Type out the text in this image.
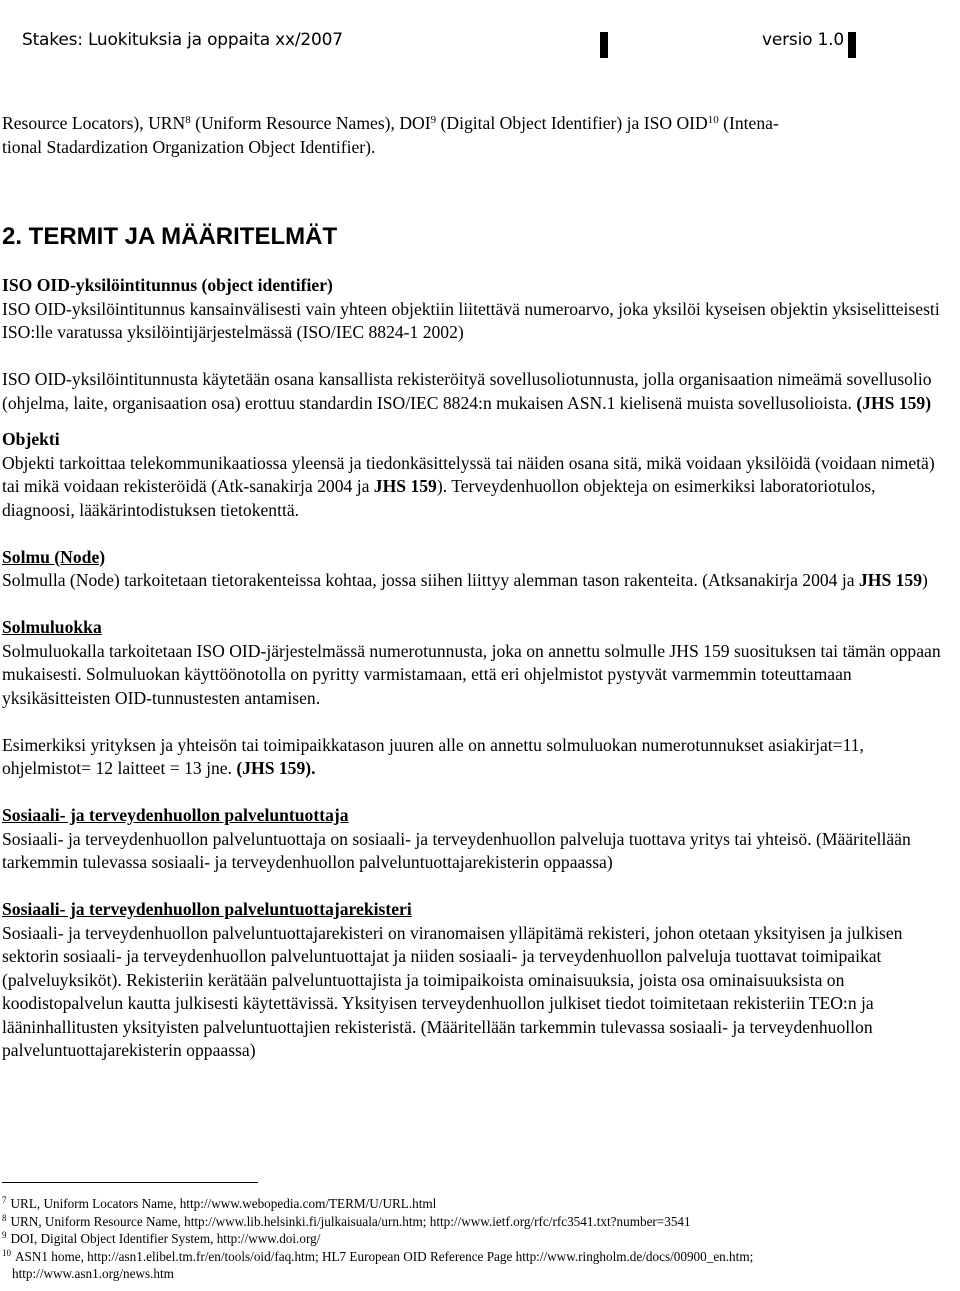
Stakes: Luokituksia ja oppaita xx/2007	versio 1.0

Resource Locators), URN$^8$ (Uniform Resource Names), DOI$^9$ (Digital Object Identifier) ja ISO OID$^{10}$ (Intena-
tional Stadardization Organization Object Identifier).

2. TERMIT JA MÄÄRITELMÄT

ISO OID-yksilöintitunnus (object identifier)

ISO OID-yksilöintitunnus kansainvälisesti vain yhteen objektiin liitettävä numeroarvo, joka yksilöi kyseisen objektin yksiselitteisesti ISO:lle varatussa yksilöintijärjestelmässä (ISO/IEC 8824-1 2002)

ISO OID-yksilöintitunnusta käytetään osana kansallista rekisteröityä sovellusoliotunnusta, jolla organisaation nimeämä sovellusolio (ohjelma, laite, organisaation osa) erottuu standardin ISO/IEC 8824:n mukaisen ASN.1 kielisenä muista sovellusolioista. (JHS 159)

Objekti

Objekti tarkoittaa telekommunikaatiossa yleensä ja tiedonkäsittelyssä tai näiden osana sitä, mikä voidaan yksilöidä (voidaan nimetä) tai mikä voidaan rekisteröidä (Atk-sanakirja 2004 ja JHS 159). Terveydenhuollon objekteja on esimerkiksi laboratoriotulos, diagnoosi, lääkärintodistuksen tietokenttä.

Solmu (Node)

Solmulla (Node) tarkoitetaan tietorakenteissa kohtaa, jossa siihen liittyy alemman tason rakenteita. (Atksanakirja 2004 ja JHS 159)

Solmuluokka

Solmuluokalla tarkoitetaan ISO OID-järjestelmässä numerotunnusta, joka on annettu solmulle JHS 159 suosituksen tai tämän oppaan mukaisesti. Solmuluokan käyttöönotolla on pyritty varmistamaan, että eri ohjelmistot pystyvät varmemmin toteuttamaan yksikäsitteisten OID-tunnustesten antamisen.

Esimerkiksi yrityksen ja yhteisön tai toimipaikkatason juuren alle on annettu solmuluokan numerotunnukset asiakirjat=11, ohjelmistot= 12 laitteet = 13 jne. (JHS 159).

Sosiaali- ja terveydenhuollon palveluntuottaja

Sosiaali- ja terveydenhuollon palveluntuottaja on sosiaali- ja terveydenhuollon palveluja tuottava yritys tai yhteisö. (Määritellään tarkemmin tulevassa sosiaali- ja terveydenhuollon palveluntuottajarekisterin oppaassa)

Sosiaali- ja terveydenhuollon palveluntuottajarekisteri

Sosiaali- ja terveydenhuollon palveluntuottajarekisteri on viranomaisen ylläpitämä rekisteri, johon otetaan yksityisen ja julkisen sektorin sosiaali- ja terveydenhuollon palveluntuottajat ja niiden sosiaali- ja terveydenhuollon palveluja tuottavat toimipaikat (palveluyksiköt). Rekisteriin kerätään palveluntuottajista ja toimipaikoista ominaisuuksia, joista osa ominaisuuksista on koodistopalvelun kautta julkisesti käytettävissä. Yksityisen terveydenhuollon julkiset tiedot toimitetaan rekisteriin TEO:n ja lääninhallitusten yksityisten palveluntuottajien rekisteristä. (Määritellään tarkemmin tulevassa sosiaali- ja terveydenhuollon palveluntuottajarekisterin oppaassa)

$^7$ URL, Uniform Locators Name, http://www.webopedia.com/TERM/U/URL.html
$^8$ URN, Uniform Resource Name, http://www.lib.helsinki.fi/julkaisuala/urn.htm; http://www.ietf.org/rfc/rfc3541.txt?number=3541
$^9$ DOI, Digital Object Identifier System, http://www.doi.org/
$^{10}$ ASN1 home, http://asn1.elibel.tm.fr/en/tools/oid/faq.htm; HL7 European OID Reference Page http://www.ringholm.de/docs/00900_en.htm;
http://www.asn1.org/news.htm
